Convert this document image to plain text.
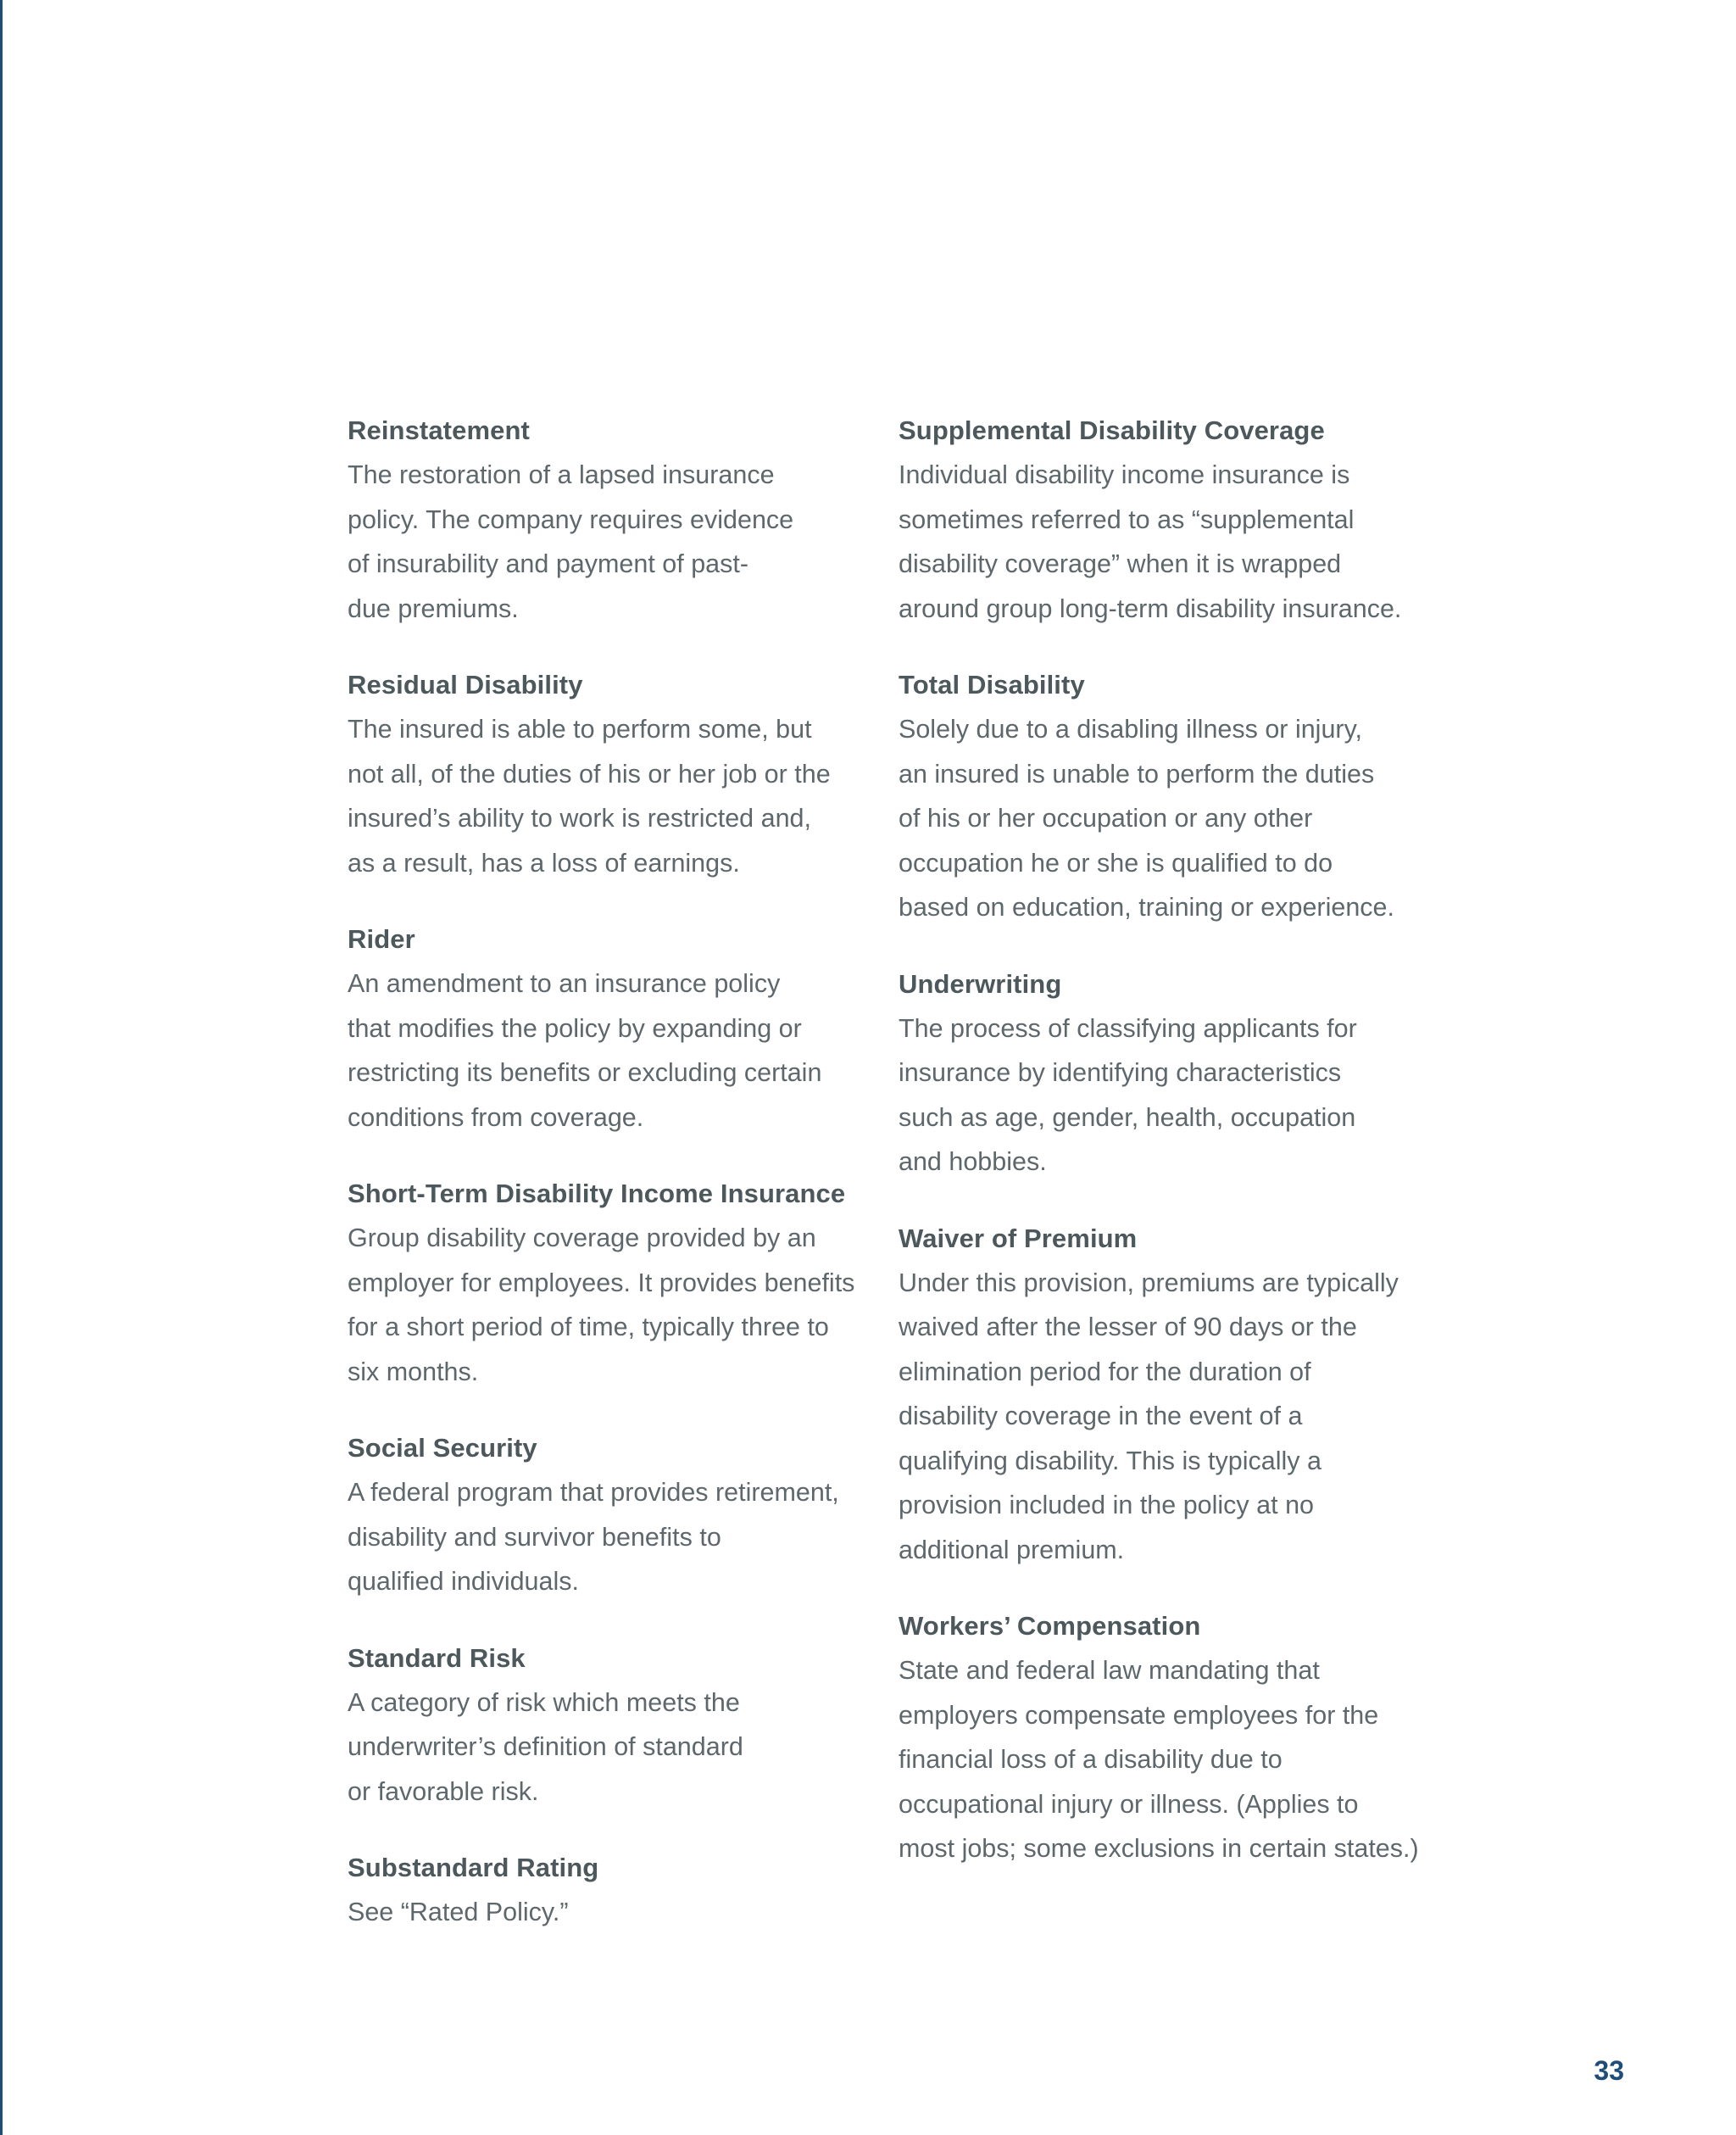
Reinstatement

The restoration of a lapsed insurance
policy. The company requires evidence
of insurability and payment of past-
due premiums.

Residual Disability

The insured is able to perform some, but
not all, of the duties of his or her job or the
insured’s ability to work is restricted and,
as a result, has a loss of earnings.

Rider

An amendment to an insurance policy
that modifies the policy by expanding or
restricting its benefits or excluding certain
conditions from coverage.

Short-Term Disability Income Insurance

Group disability coverage provided by an
employer for employees. It provides benefits
for a short period of time, typically three to
six months.

Social Security

A federal program that provides retirement,
disability and survivor benefits to
qualified individuals.

Standard Risk

A category of risk which meets the
underwriter’s definition of standard
or favorable risk.

Substandard Rating

See “Rated Policy.”

Supplemental Disability Coverage

Individual disability income insurance is
sometimes referred to as “supplemental
disability coverage” when it is wrapped
around group long-term disability insurance.

Total Disability

Solely due to a disabling illness or injury,
an insured is unable to perform the duties
of his or her occupation or any other
occupation he or she is qualified to do
based on education, training or experience.

Underwriting

The process of classifying applicants for
insurance by identifying characteristics
such as age, gender, health, occupation
and hobbies.

Waiver of Premium

Under this provision, premiums are typically
waived after the lesser of 90 days or the
elimination period for the duration of
disability coverage in the event of a
qualifying disability. This is typically a
provision included in the policy at no
additional premium.

Workers’ Compensation

State and federal law mandating that
employers compensate employees for the
financial loss of a disability due to
occupational injury or illness. (Applies to
most jobs; some exclusions in certain states.)

33
